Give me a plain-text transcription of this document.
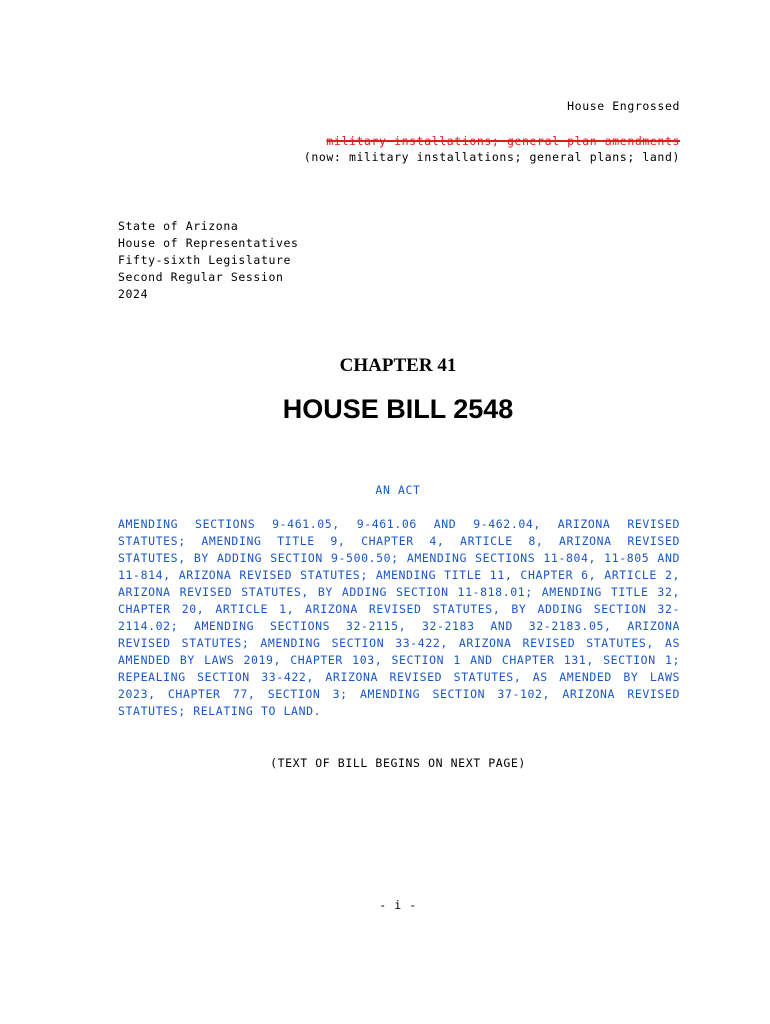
House Engrossed
military installations; general plan amendments
(now: military installations; general plans; land)
State of Arizona
House of Representatives
Fifty-sixth Legislature
Second Regular Session
2024
CHAPTER 41
HOUSE BILL 2548
AN ACT

AMENDING SECTIONS 9-461.05, 9-461.06 AND 9-462.04, ARIZONA REVISED STATUTES; AMENDING TITLE 9, CHAPTER 4, ARTICLE 8, ARIZONA REVISED STATUTES, BY ADDING SECTION 9-500.50; AMENDING SECTIONS 11-804, 11-805 AND 11-814, ARIZONA REVISED STATUTES; AMENDING TITLE 11, CHAPTER 6, ARTICLE 2, ARIZONA REVISED STATUTES, BY ADDING SECTION 11-818.01; AMENDING TITLE 32, CHAPTER 20, ARTICLE 1, ARIZONA REVISED STATUTES, BY ADDING SECTION 32-2114.02; AMENDING SECTIONS 32-2115, 32-2183 AND 32-2183.05, ARIZONA REVISED STATUTES; AMENDING SECTION 33-422, ARIZONA REVISED STATUTES, AS AMENDED BY LAWS 2019, CHAPTER 103, SECTION 1 AND CHAPTER 131, SECTION 1; REPEALING SECTION 33-422, ARIZONA REVISED STATUTES, AS AMENDED BY LAWS 2023, CHAPTER 77, SECTION 3; AMENDING SECTION 37-102, ARIZONA REVISED STATUTES; RELATING TO LAND.

(TEXT OF BILL BEGINS ON NEXT PAGE)
- i -
